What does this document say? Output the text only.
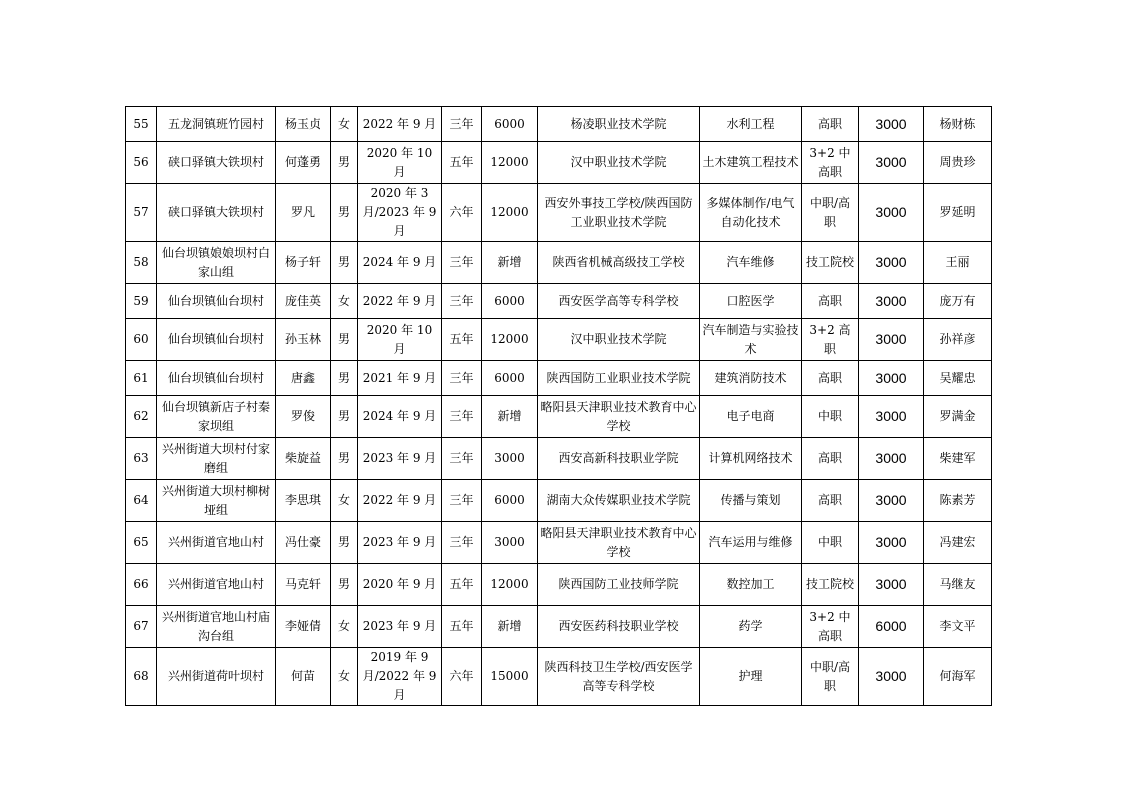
55	五龙洞镇班竹园村	杨玉贞	女	2022 年 9 月	三年	6000	杨凌职业技术学院	水利工程	高职	3000	杨财栋
56	硖口驿镇大铁坝村	何蓬勇	男	2020 年 10 月	五年	12000	汉中职业技术学院	土木建筑工程技术	3+2 中高职	3000	周贵珍
57	硖口驿镇大铁坝村	罗凡	男	2020 年 3 月/2023 年 9 月	六年	12000	西安外事技工学校/陕西国防工业职业技术学院	多媒体制作/电气自动化技术	中职/高职	3000	罗延明
58	仙台坝镇娘娘坝村白家山组	杨子轩	男	2024 年 9 月	三年	新增	陕西省机械高级技工学校	汽车维修	技工院校	3000	王丽
59	仙台坝镇仙台坝村	庞佳英	女	2022 年 9 月	三年	6000	西安医学高等专科学校	口腔医学	高职	3000	庞万有
60	仙台坝镇仙台坝村	孙玉林	男	2020 年 10 月	五年	12000	汉中职业技术学院	汽车制造与实验技术	3+2 高职	3000	孙祥彦
61	仙台坝镇仙台坝村	唐鑫	男	2021 年 9 月	三年	6000	陕西国防工业职业技术学院	建筑消防技术	高职	3000	吴耀忠
62	仙台坝镇新店子村秦家坝组	罗俊	男	2024 年 9 月	三年	新增	略阳县天津职业技术教育中心学校	电子电商	中职	3000	罗满金
63	兴州街道大坝村付家磨组	柴旋益	男	2023 年 9 月	三年	3000	西安高新科技职业学院	计算机网络技术	高职	3000	柴建军
64	兴州街道大坝村柳树垭组	李思琪	女	2022 年 9 月	三年	6000	湖南大众传媒职业技术学院	传播与策划	高职	3000	陈素芳
65	兴州街道官地山村	冯仕豪	男	2023 年 9 月	三年	3000	略阳县天津职业技术教育中心学校	汽车运用与维修	中职	3000	冯建宏
66	兴州街道官地山村	马克轩	男	2020 年 9 月	五年	12000	陕西国防工业技师学院	数控加工	技工院校	3000	马继友
67	兴州街道官地山村庙沟台组	李娅倩	女	2023 年 9 月	五年	新增	西安医药科技职业学校	药学	3+2 中高职	6000	李文平
68	兴州街道荷叶坝村	何苗	女	2019 年 9 月/2022 年 9 月	六年	15000	陕西科技卫生学校/西安医学高等专科学校	护理	中职/高职	3000	何海军
